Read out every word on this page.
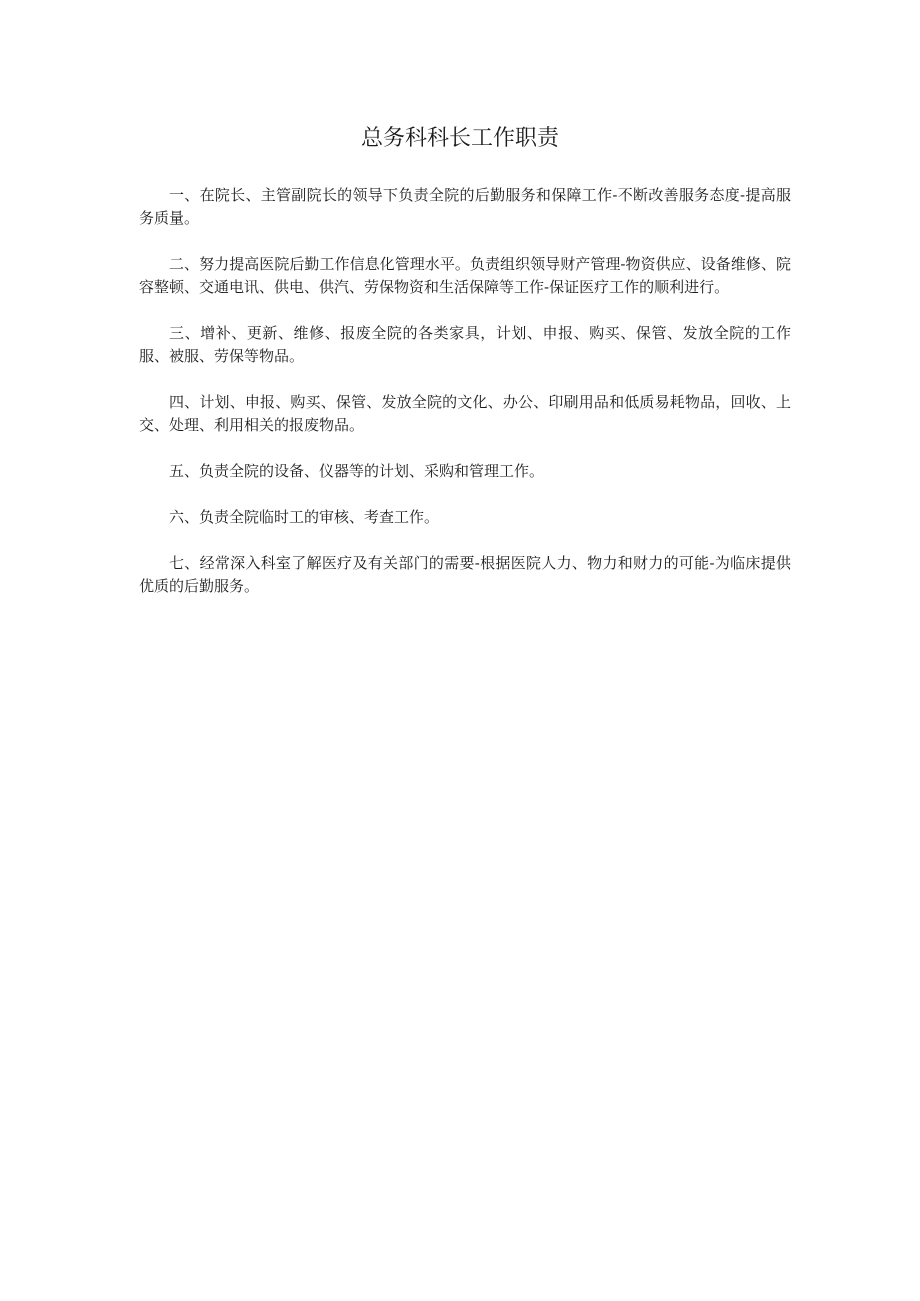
总务科科长工作职责

一、在院长、主管副院长的领导下负责全院的后勤服务和保障工作-不断改善服务态度-提高服务质量。

二、努力提高医院后勤工作信息化管理水平。负责组织领导财产管理-物资供应、设备维修、院容整顿、交通电讯、供电、供汽、劳保物资和生活保障等工作-保证医疗工作的顺利进行。

三、增补、更新、维修、报废全院的各类家具，计划、申报、购买、保管、发放全院的工作服、被服、劳保等物品。

四、计划、申报、购买、保管、发放全院的文化、办公、印刷用品和低质易耗物品，回收、上交、处理、利用相关的报废物品。

五、负责全院的设备、仪器等的计划、采购和管理工作。

六、负责全院临时工的审核、考查工作。

七、经常深入科室了解医疗及有关部门的需要-根据医院人力、物力和财力的可能-为临床提供优质的后勤服务。
